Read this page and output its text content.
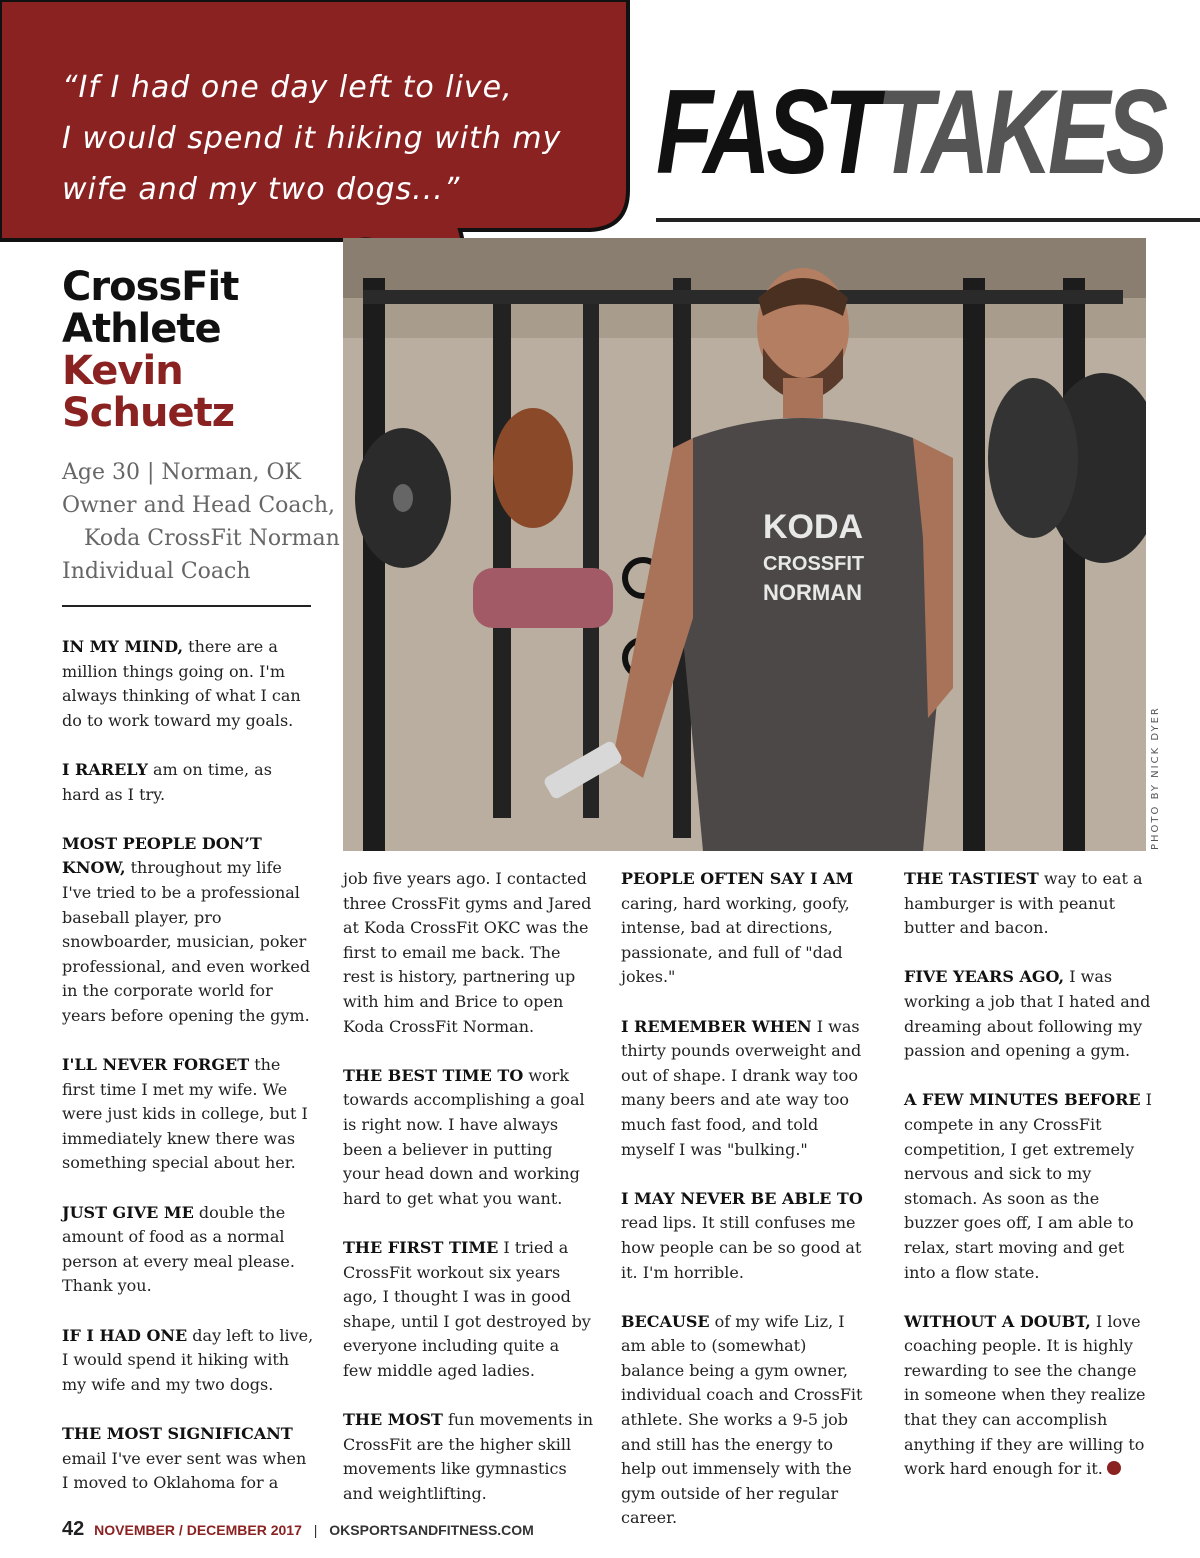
“If I had one day left to live,
I would spend it hiking with my
wife and my two dogs...”	FASTTAKES
CrossFit
Athlete
Kevin
Schuetz
Age 30 | Norman, OK
Owner and Head Coach,
Koda CrossFit Norman
Individual Coach
KODA
CROSSFIT
NORMAN
PHOTO BY NICK DYER

IN MY MIND, there are a million things going on. I'm always thinking of what I can do to work toward my goals.

I RARELY am on time, as hard as I try.

MOST PEOPLE DON’T KNOW, throughout my life I've tried to be a professional baseball player, pro snowboarder, musician, poker professional, and even worked in the corporate world for years before opening the gym.

I'LL NEVER FORGET the first time I met my wife. We were just kids in college, but I immediately knew there was something special about her.

JUST GIVE ME double the amount of food as a normal person at every meal please. Thank you.

IF I HAD ONE day left to live, I would spend it hiking with my wife and my two dogs.

THE MOST SIGNIFICANT email I've ever sent was when I moved to Oklahoma for a

job five years ago. I contacted three CrossFit gyms and Jared at Koda CrossFit OKC was the first to email me back. The rest is history, partnering up with him and Brice to open Koda CrossFit Norman.

THE BEST TIME TO work towards accomplishing a goal is right now. I have always been a believer in putting your head down and working hard to get what you want.

THE FIRST TIME I tried a CrossFit workout six years ago, I thought I was in good shape, until I got destroyed by everyone including quite a few middle aged ladies.

THE MOST fun movements in CrossFit are the higher skill movements like gymnastics and weightlifting.

PEOPLE OFTEN SAY I AM caring, hard working, goofy, intense, bad at directions, passionate, and full of "dad jokes."

I REMEMBER WHEN I was thirty pounds overweight and out of shape. I drank way too many beers and ate way too much fast food, and told myself I was "bulking."

I MAY NEVER BE ABLE TO read lips. It still confuses me how people can be so good at it. I'm horrible.

BECAUSE of my wife Liz, I am able to (somewhat) balance being a gym owner, individual coach and CrossFit athlete. She works a 9-5 job and still has the energy to help out immensely with the gym outside of her regular career.

THE TASTIEST way to eat a hamburger is with peanut butter and bacon.

FIVE YEARS AGO, I was working a job that I hated and dreaming about following my passion and opening a gym.

A FEW MINUTES BEFORE I compete in any CrossFit competition, I get extremely nervous and sick to my stomach. As soon as the buzzer goes off, I am able to relax, start moving and get into a flow state.

WITHOUT A DOUBT, I love coaching people. It is highly rewarding to see the change in someone when they realize that they can accomplish anything if they are willing to work hard enough for it.

42 NOVEMBER / DECEMBER 2017 | OKSPORTSANDFITNESS.COM
